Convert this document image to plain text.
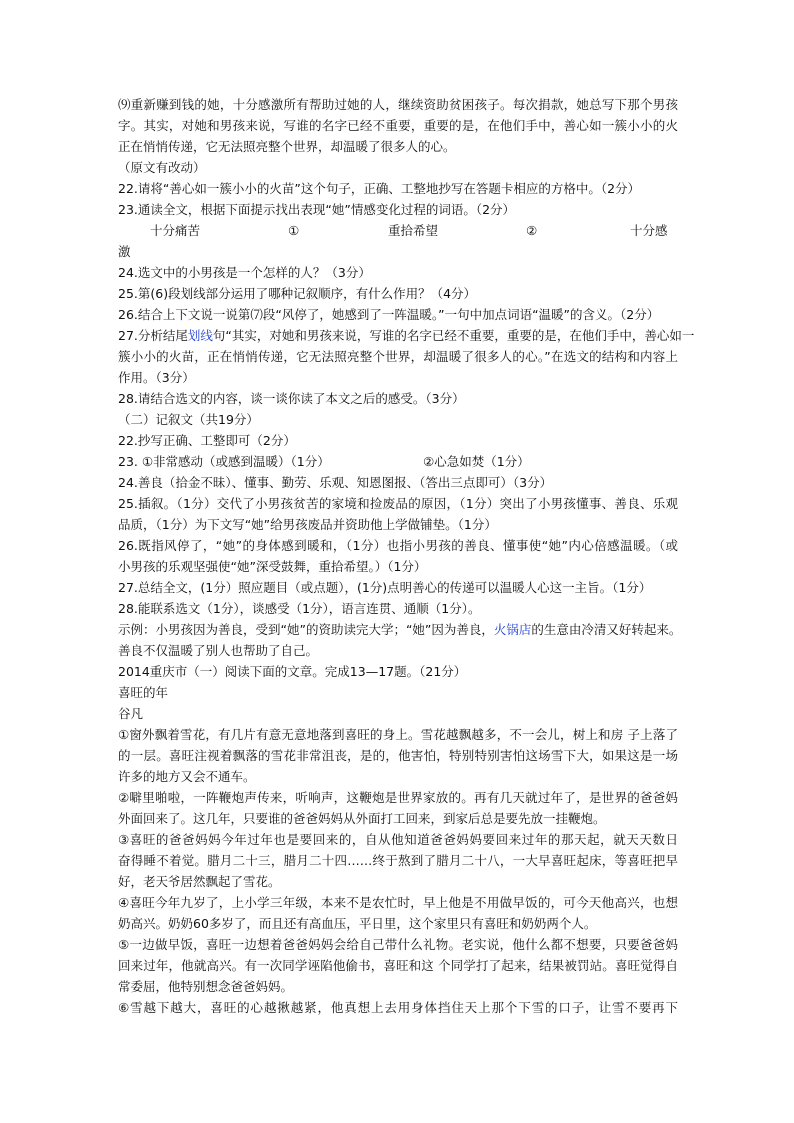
⑼重新赚到钱的她，十分感激所有帮助过她的人，继续资助贫困孩子。每次捐款，她总写下那个男孩
字。其实，对她和男孩来说，写谁的名字已经不重要，重要的是，在他们手中，善心如一簇小小的火
正在悄悄传递，它无法照亮整个世界，却温暖了很多人的心。
（原文有改动）
22.请将“善心如一簇小小的火苗”这个句子，正确、工整地抄写在答题卡相应的方格中。（2分）
23.通读全文，根据下面提示找出表现“她”情感变化过程的词语。（2分）
十分痛苦	①	重拾希望	②	十分感
激
24.选文中的小男孩是一个怎样的人？（3分）
25.第(6)段划线部分运用了哪种记叙顺序，有什么作用？（4分）
26.结合上下文说一说第⑺段“风停了，她感到了一阵温暖。”一句中加点词语“温暖”的含义。（2分）
27.分析结尾划线句“其实，对她和男孩来说，写谁的名字已经不重要，重要的是，在他们手中，善心如一
簇小小的火苗，正在悄悄传递，它无法照亮整个世界，却温暖了很多人的心。”在选文的结构和内容上
作用。（3分）
28.请结合选文的内容，谈一谈你读了本文之后的感受。（3分）
（二）记叙文（共19分）
22.抄写正确、工整即可（2分）
23. ①非常感动（或感到温暖）（1分）	②心急如焚（1分）
24.善良（拾金不昧）、懂事、勤劳、乐观、知恩图报、（答出三点即可）（3分）
25.插叙。（1分）交代了小男孩贫苦的家境和捡废品的原因，（1分）突出了小男孩懂事、善良、乐观
品质，（1分）为下文写“她”给男孩废品并资助他上学做铺垫。（1分）
26.既指风停了，“她”的身体感到暖和，（1分）也指小男孩的善良、懂事使“她”内心倍感温暖。（或
小男孩的乐观坚强使“她”深受鼓舞，重拾希望。）（1分）
27.总结全文，(1分）照应题目（或点题），(1分)点明善心的传递可以温暖人心这一主旨。（1分）
28.能联系选文（1分），谈感受（1分），语言连贯、通顺（1分）。
示例：小男孩因为善良，受到“她”的资助读完大学；“她”因为善良，火锅店的生意由冷清又好转起来。
善良不仅温暖了别人也帮助了自己。
2014重庆市（一）阅读下面的文章。完成13—17题。（21分）
喜旺的年
谷凡
①窗外飘着雪花，有几片有意无意地落到喜旺的身上。雪花越飘越多，不一会儿，树上和房 子上落了
的一层。喜旺注视着飘落的雪花非常沮丧，是的，他害怕，特别特别害怕这场雪下大，如果这是一场
许多的地方又会不通车。
②噼里啪啦，一阵鞭炮声传来，听响声，这鞭炮是世界家放的。再有几天就过年了，是世界的爸爸妈
外面回来了。这几年，只要谁的爸爸妈妈从外面打工回来，到家后总是要先放一挂鞭炮。
③喜旺的爸爸妈妈今年过年也是要回来的，自从他知道爸爸妈妈要回来过年的那天起，就天天数日
奋得睡不着觉。腊月二十三，腊月二十四……终于熬到了腊月二十八，一大早喜旺起床，等喜旺把早
好，老天爷居然飘起了雪花。
④喜旺今年九岁了，上小学三年级，本来不是农忙时，早上他是不用做早饭的，可今天他高兴，也想
奶高兴。奶奶60多岁了，而且还有高血压，平日里，这个家里只有喜旺和奶奶两个人。
⑤一边做早饭，喜旺一边想着爸爸妈妈会给自己带什么礼物。老实说，他什么都不想要，只要爸爸妈
回来过年，他就高兴。有一次同学诬陷他偷书，喜旺和这 个同学打了起来，结果被罚站。喜旺觉得自
常委屈，他特别想念爸爸妈妈。
⑥雪越下越大，喜旺的心越揪越紧，他真想上去用身体挡住天上那个下雪的口子，让雪不要再下
